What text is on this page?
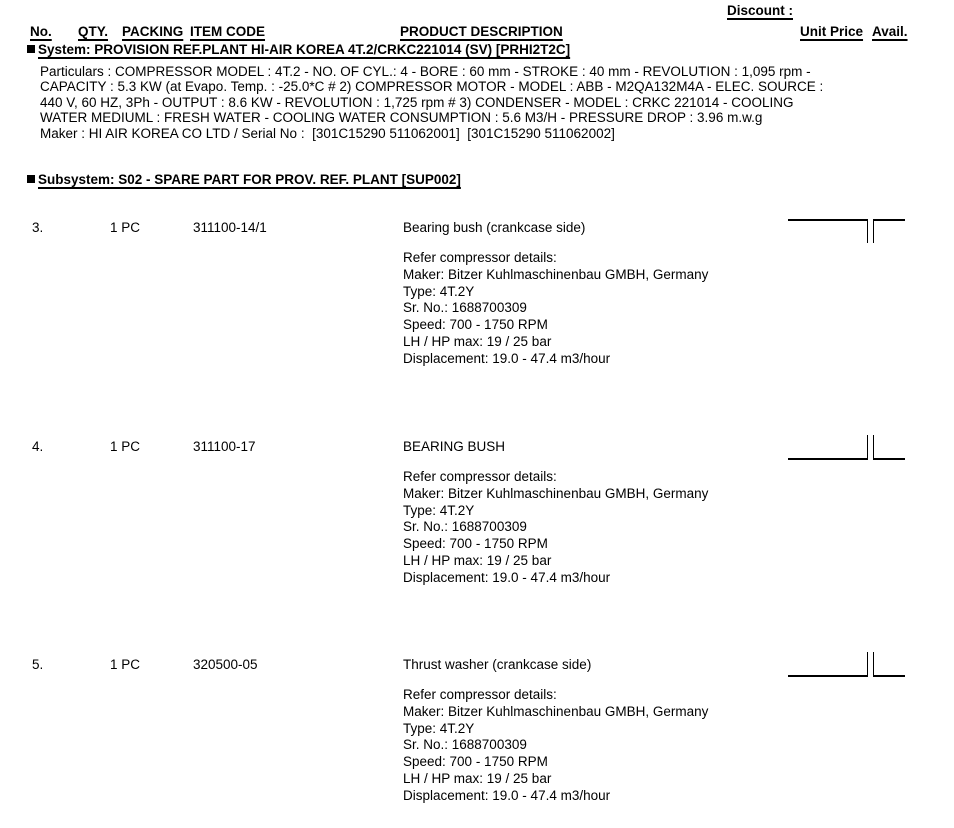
Discount :
No. QTY. PACKING ITEM CODE	PRODUCT DESCRIPTION	Unit Price Avail.
System: PROVISION REF.PLANT HI-AIR KOREA 4T.2/CRKC221014 (SV) [PRHI2T2C]
Particulars : COMPRESSOR MODEL : 4T.2 - NO. OF CYL.: 4 - BORE : 60 mm - STROKE : 40 mm - REVOLUTION : 1,095 rpm -
CAPACITY : 5.3 KW (at Evapo. Temp. : -25.0*C # 2) COMPRESSOR MOTOR - MODEL : ABB - M2QA132M4A - ELEC. SOURCE :
440 V, 60 HZ, 3Ph - OUTPUT : 8.6 KW - REVOLUTION : 1,725 rpm # 3) CONDENSER - MODEL : CRKC 221014 - COOLING
WATER MEDIUML : FRESH WATER - COOLING WATER CONSUMPTION : 5.6 M3/H - PRESSURE DROP : 3.96 m.w.g
Maker : HI AIR KOREA CO LTD / Serial No :  [301C15290 511062001]  [301C15290 511062002]
Subsystem: S02 - SPARE PART FOR PROV. REF. PLANT [SUP002]
3.	1 PC	311100-14/1	Bearing bush (crankcase side)
Refer compressor details:
Maker: Bitzer Kuhlmaschinenbau GMBH, Germany
Type: 4T.2Y
Sr. No.: 1688700309
Speed: 700 - 1750 RPM
LH / HP max: 19 / 25 bar
Displacement: 19.0 - 47.4 m3/hour
4.	1 PC	311100-17	BEARING BUSH
Refer compressor details:
Maker: Bitzer Kuhlmaschinenbau GMBH, Germany
Type: 4T.2Y
Sr. No.: 1688700309
Speed: 700 - 1750 RPM
LH / HP max: 19 / 25 bar
Displacement: 19.0 - 47.4 m3/hour
5.	1 PC	320500-05	Thrust washer (crankcase side)
Refer compressor details:
Maker: Bitzer Kuhlmaschinenbau GMBH, Germany
Type: 4T.2Y
Sr. No.: 1688700309
Speed: 700 - 1750 RPM
LH / HP max: 19 / 25 bar
Displacement: 19.0 - 47.4 m3/hour
